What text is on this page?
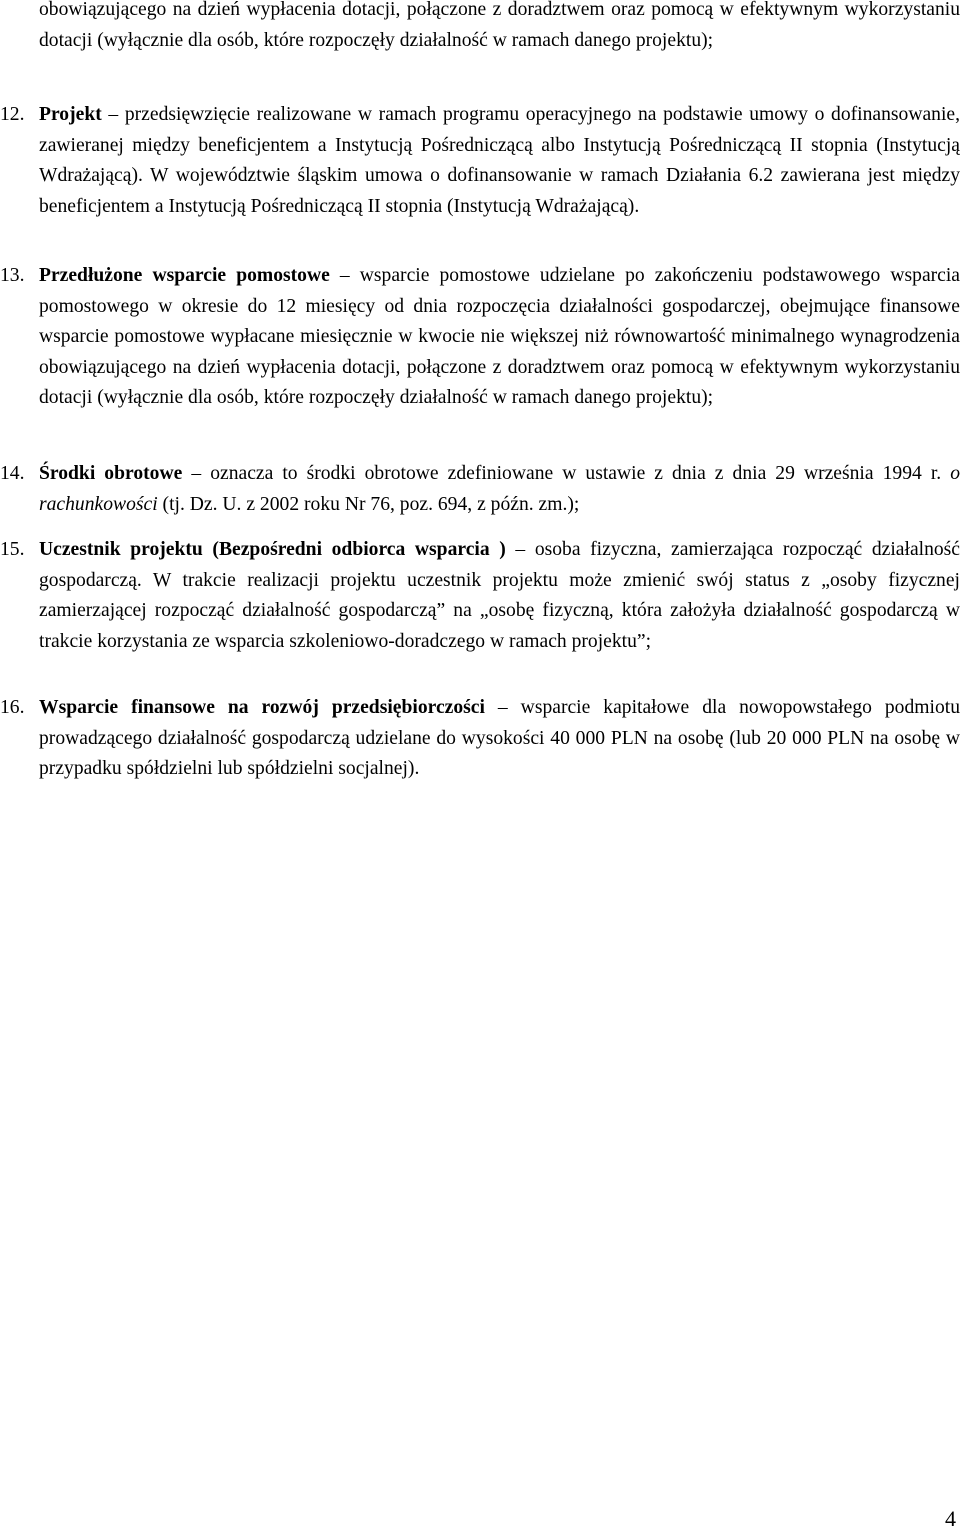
obowiązującego na dzień wypłacenia dotacji, połączone z doradztwem oraz pomocą w efektywnym wykorzystaniu dotacji (wyłącznie dla osób, które rozpoczęły działalność w ramach danego projektu);
12. Projekt – przedsięwzięcie realizowane w ramach programu operacyjnego na podstawie umowy o dofinansowanie, zawieranej między beneficjentem a Instytucją Pośredniczącą albo Instytucją Pośredniczącą II stopnia (Instytucją Wdrażającą). W województwie śląskim umowa o dofinansowanie w ramach Działania 6.2 zawierana jest między beneficjentem a Instytucją Pośredniczącą II stopnia (Instytucją Wdrażającą).
13. Przedłużone wsparcie pomostowe – wsparcie pomostowe udzielane po zakończeniu podstawowego wsparcia pomostowego w okresie do 12 miesięcy od dnia rozpoczęcia działalności gospodarczej, obejmujące finansowe wsparcie pomostowe wypłacane miesięcznie w kwocie nie większej niż równowartość minimalnego wynagrodzenia obowiązującego na dzień wypłacenia dotacji, połączone z doradztwem oraz pomocą w efektywnym wykorzystaniu dotacji (wyłącznie dla osób, które rozpoczęły działalność w ramach danego projektu);
14. Środki obrotowe – oznacza to środki obrotowe zdefiniowane w ustawie z dnia z dnia 29 września 1994 r. o rachunkowości (tj. Dz. U. z 2002 roku Nr 76, poz. 694, z późn. zm.);
15. Uczestnik projektu (Bezpośredni odbiorca wsparcia ) – osoba fizyczna, zamierzająca rozpocząć działalność gospodarczą. W trakcie realizacji projektu uczestnik projektu może zmienić swój status z „osoby fizycznej zamierzającej rozpocząć działalność gospodarczą” na „osobę fizyczną, która założyła działalność gospodarczą w trakcie korzystania ze wsparcia szkoleniowo-doradczego w ramach projektu”;
16. Wsparcie finansowe na rozwój przedsiębiorczości – wsparcie kapitałowe dla nowopowstałego podmiotu prowadzącego działalność gospodarczą udzielane do wysokości 40 000 PLN na osobę (lub 20 000 PLN na osobę w przypadku spółdzielni lub spółdzielni socjalnej).
4
